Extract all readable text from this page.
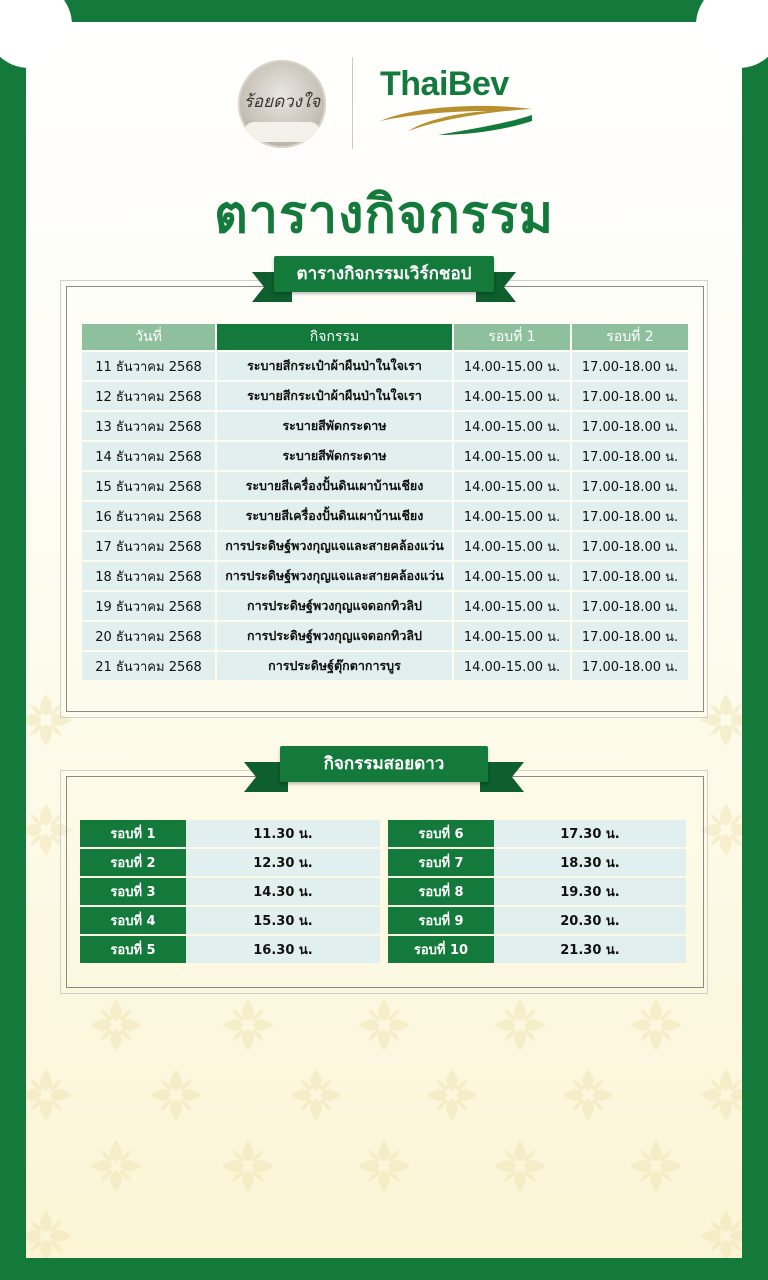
ร้อยดวงใจ ThaiBev
ตารางกิจกรรม
ตารางกิจกรรมเวิร์กชอป
วันที่	กิจกรรม	รอบที่ 1	รอบที่ 2
11 ธันวาคม 2568	ระบายสีกระเป๋าผ้าผืนป่าในใจเรา	14.00-15.00 น.	17.00-18.00 น.
12 ธันวาคม 2568	ระบายสีกระเป๋าผ้าผืนป่าในใจเรา	14.00-15.00 น.	17.00-18.00 น.
13 ธันวาคม 2568	ระบายสีพัดกระดาษ	14.00-15.00 น.	17.00-18.00 น.
14 ธันวาคม 2568	ระบายสีพัดกระดาษ	14.00-15.00 น.	17.00-18.00 น.
15 ธันวาคม 2568	ระบายสีเครื่องปั้นดินเผาบ้านเชียง	14.00-15.00 น.	17.00-18.00 น.
16 ธันวาคม 2568	ระบายสีเครื่องปั้นดินเผาบ้านเชียง	14.00-15.00 น.	17.00-18.00 น.
17 ธันวาคม 2568	การประดิษฐ์พวงกุญแจและสายคล้องแว่น	14.00-15.00 น.	17.00-18.00 น.
18 ธันวาคม 2568	การประดิษฐ์พวงกุญแจและสายคล้องแว่น	14.00-15.00 น.	17.00-18.00 น.
19 ธันวาคม 2568	การประดิษฐ์พวงกุญแจดอกทิวลิป	14.00-15.00 น.	17.00-18.00 น.
20 ธันวาคม 2568	การประดิษฐ์พวงกุญแจดอกทิวลิป	14.00-15.00 น.	17.00-18.00 น.
21 ธันวาคม 2568	การประดิษฐ์ตุ๊กตาการบูร	14.00-15.00 น.	17.00-18.00 น.
กิจกรรมสอยดาว
รอบที่ 1	11.30 น.
รอบที่ 2	12.30 น.
รอบที่ 3	14.30 น.
รอบที่ 4	15.30 น.
รอบที่ 5	16.30 น.
รอบที่ 6	17.30 น.
รอบที่ 7	18.30 น.
รอบที่ 8	19.30 น.
รอบที่ 9	20.30 น.
รอบที่ 10	21.30 น.
